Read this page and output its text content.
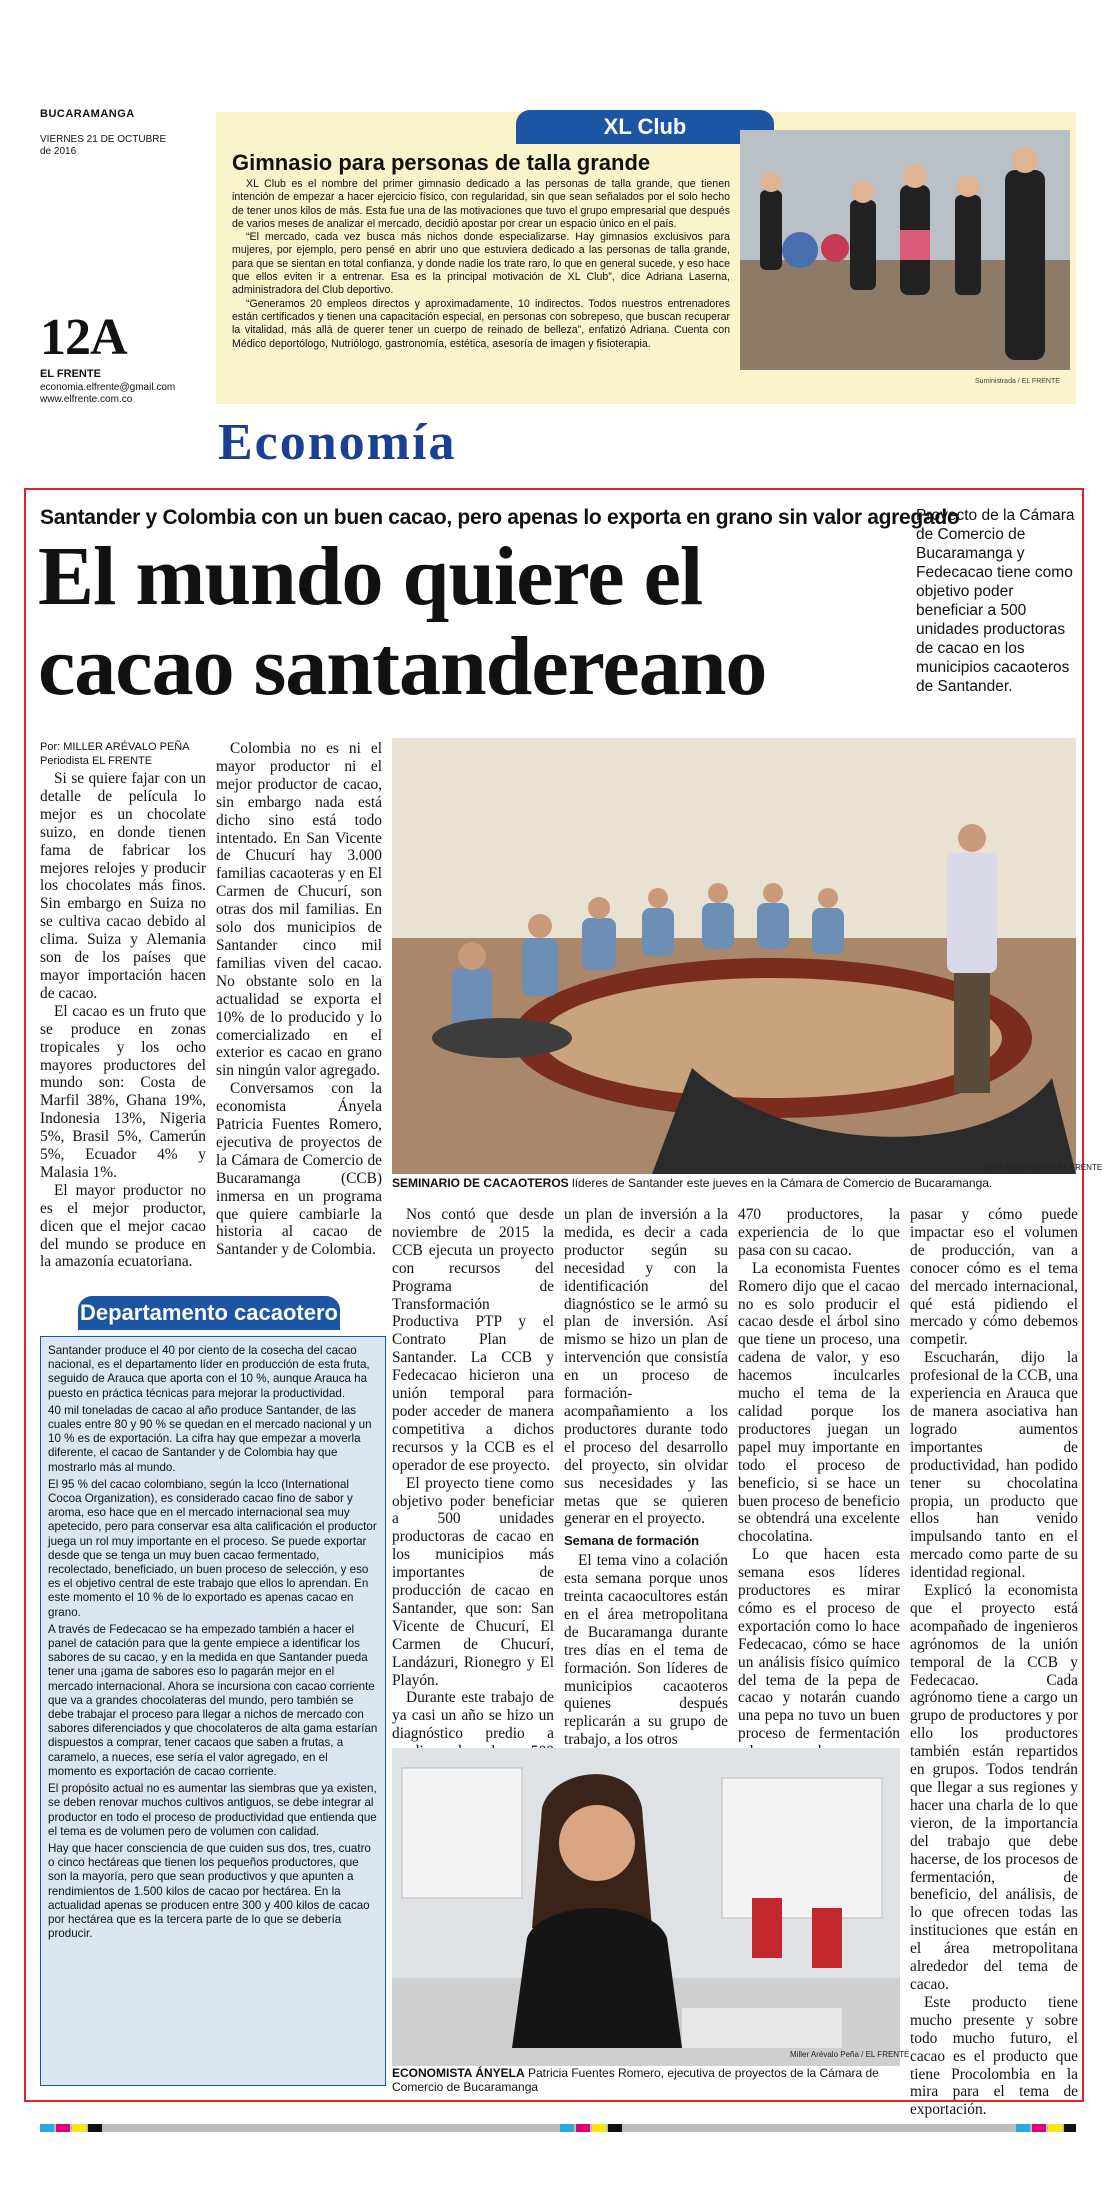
BUCARAMANGA
VIERNES 21 DE OCTUBRE de 2016
12A
EL FRENTE
economia.elfrente@gmail.com
www.elfrente.com.co
XL Club
Gimnasio para personas de talla grande

XL Club es el nombre del primer gimnasio dedicado a las personas de talla grande, que tienen intención de empezar a hacer ejercicio físico, con regularidad, sin que sean señalados por el solo hecho de tener unos kilos de más. Esta fue una de las motivaciones que tuvo el grupo empresarial que después de varios meses de analizar el mercado, decidió apostar por crear un espacio único en el país.

“El mercado, cada vez busca más nichos donde especializarse. Hay gimnasios exclusivos para mujeres, por ejemplo, pero pensé en abrir uno que estuviera dedicado a las personas de talla grande, para que se sientan en total confianza, y donde nadie los trate raro, lo que en general sucede, y eso hace que ellos eviten ir a entrenar. Esa es la principal motivación de XL Club”, dice Adriana Laserna, administradora del Club deportivo.

“Generamos 20 empleos directos y aproximadamente, 10 indirectos. Todos nuestros entrenadores están certificados y tienen una capacitación especial, en personas con sobrepeso, que buscan recuperar la vitalidad, más allá de querer tener un cuerpo de reinado de belleza”, enfatizó Adriana. Cuenta con Médico deportólogo, Nutriólogo, gastronomía, estética, asesoría de imagen y fisioterapia.

Suministrada / EL FRENTE
Economía
Santander y Colombia con un buen cacao, pero apenas lo exporta en grano sin valor agregado
El mundo quiere el cacao santandereano
Proyecto de la Cámara de Comercio de Bucaramanga y Fedecacao tiene como objetivo poder beneficiar a 500 unidades productoras de cacao en los municipios cacaoteros de Santander.
Por: MILLER ARÉVALO PEÑA
Periodista EL FRENTE

Si se quiere fajar con un detalle de película lo mejor es un chocolate suizo, en donde tienen fama de fabricar los mejores relojes y producir los chocolates más finos. Sin embargo en Suiza no se cultiva cacao debido al clima. Suiza y Alemania son de los países que mayor importación hacen de cacao.

El cacao es un fruto que se produce en zonas tropicales y los ocho mayores productores del mundo son: Costa de Marfil 38%, Ghana 19%, Indonesia 13%, Nigeria 5%, Brasil 5%, Camerún 5%, Ecuador 4% y Malasia 1%.

El mayor productor no es el mejor productor, dicen que el mejor cacao del mundo se produce en la amazonía ecuatoriana.

Colombia no es ni el mayor productor ni el mejor productor de cacao, sin embargo nada está dicho sino está todo intentado. En San Vicente de Chucurí hay 3.000 familias cacaoteras y en El Carmen de Chucurí, son otras dos mil familias. En solo dos municipios de Santander cinco mil familias viven del cacao. No obstante solo en la actualidad se exporta el 10% de lo producido y lo comercializado en el exterior es cacao en grano sin ningún valor agregado.

Conversamos con la economista Ányela Patricia Fuentes Romero, ejecutiva de proyectos de la Cámara de Comercio de Bucaramanga (CCB) inmersa en un programa que quiere cambiarle la historia al cacao de Santander y de Colombia.

Jaime Daniel Sierra / EL FRENTE
SEMINARIO DE CACAOTEROS líderes de Santander este jueves en la Cámara de Comercio de Bucaramanga.

Nos contó que desde noviembre de 2015 la CCB ejecuta un proyecto con recursos del Programa de Transformación Productiva PTP y el Contrato Plan de Santander. La CCB y Fedecacao hicieron una unión temporal para poder acceder de manera competitiva a dichos recursos y la CCB es el operador de ese proyecto.

El proyecto tiene como objetivo poder beneficiar a 500 unidades productoras de cacao en los municipios más importantes de producción de cacao en Santander, que son: San Vicente de Chucurí, El Carmen de Chucurí, Landázuri, Rionegro y El Playón.

Durante este trabajo de ya casi un año se hizo un diagnóstico predio a

un plan de inversión a la medida, es decir a cada productor según su necesidad y con la identificación del diagnóstico se le armó su plan de inversión. Así mismo se hizo un plan de intervención que consistía en un proceso de formación-acompañamiento a los productores durante todo el proceso del desarrollo del proyecto, sin olvidar sus necesidades y las metas que se quieren generar en el proyecto.

Semana de formación

El tema vino a colación esta semana porque unos treinta cacaocultores están en el área metropolitana de Bucaramanga durante tres días en el tema de formación. Son líderes de municipios cacaoteros quienes después replicarán a su grupo de trabajo, a los otros

470 productores, la experiencia de lo que pasa con su cacao.

La economista Fuentes Romero dijo que el cacao no es solo producir el cacao desde el árbol sino que tiene un proceso, una cadena de valor, y eso hacemos inculcarles mucho el tema de la calidad porque los productores juegan un papel muy importante en todo el proceso de beneficio, si se hace un buen proceso de beneficio se obtendrá una excelente chocolatina.

Lo que hacen esta semana esos líderes productores es mirar cómo es el proceso de exportación como lo hace Fedecacao, cómo se hace un análisis físico químico del tema de la pepa de cacao y notarán cuando una pepa no tuvo un buen proceso de fermentación

pasar y cómo puede impactar eso el volumen de producción, van a conocer cómo es el tema del mercado internacional, qué está pidiendo el mercado y cómo debemos competir.

Escucharán, dijo la profesional de la CCB, una experiencia en Arauca que de manera asociativa han logrado aumentos importantes de productividad, han podido tener su chocolatina propia, un producto que ellos han venido impulsando tanto en el mercado como parte de su identidad regional.

Explicó la economista que el proyecto está acompañado de ingenieros agrónomos de la unión temporal de la CCB y Fedecacao. Cada agrónomo tiene a cargo un grupo de productores y por ello los productores también están repartidos en grupos. Todos tendrán que llegar a sus regiones y hacer una charla de lo que vieron, de la importancia del trabajo que debe hacerse, de los procesos de fermentación, de beneficio, del análisis, de lo que ofrecen todas las instituciones que están en el área metropolitana alrededor del tema de cacao.

Este producto tiene mucho presente y sobre todo mucho futuro, el cacao es el producto que tiene Procolombia en la mira para el tema de exportación.

Departamento cacaotero

Santander produce el 40 por ciento de la cosecha del cacao nacional, es el departamento líder en producción de esta fruta, seguido de Arauca que aporta con el 10 %, aunque Arauca ha puesto en práctica técnicas para mejorar la productividad.

40 mil toneladas de cacao al año produce Santander, de las cuales entre 80 y 90 % se quedan en el mercado nacional y un 10 % es de exportación. La cifra hay que empezar a moverla diferente, el cacao de Santander y de Colombia hay que mostrarlo más al mundo.

El 95 % del cacao colombiano, según la Icco (International Cocoa Organization), es considerado cacao fino de sabor y aroma, eso hace que en el mercado internacional sea muy apetecido, pero para conservar esa alta calificación el productor juega un rol muy importante en el proceso. Se puede exportar desde que se tenga un muy buen cacao fermentado, recolectado, beneficiado, un buen proceso de selección, y eso es el objetivo central de este trabajo que ellos lo aprendan. En este momento el 10 % de lo exportado es apenas cacao en grano.

A través de Fedecacao se ha empezado también a hacer el panel de catación para que la gente empiece a identificar los sabores de su cacao, y en la medida en que Santander pueda tener una ¡gama de sabores eso lo pagarán mejor en el mercado internacional. Ahora se incursiona con cacao corriente que va a grandes chocolateras del mundo, pero también se debe trabajar el proceso para llegar a nichos de mercado con sabores diferenciados y que chocolateros de alta gama estarían dispuestos a comprar, tener cacaos que saben a frutas, a caramelo, a nueces, ese sería el valor agregado, en el momento es exportación de cacao corriente.

El propósito actual no es aumentar las siembras que ya existen, se deben renovar muchos cultivos antiguos, se debe integrar al productor en todo el proceso de productividad que entienda que el tema es de volumen pero de volumen con calidad.

Hay que hacer consciencia de que cuiden sus dos, tres, cuatro o cinco hectáreas que tienen los pequeños productores, que son la mayoría, pero que sean productivos y que apunten a rendimientos de 1.500 kilos de cacao por hectárea. En la actualidad apenas se producen entre 300 y 400 kilos de cacao por hectárea que es la tercera parte de lo que se debería producir.

Miller Arévalo Peña / EL FRENTE
ECONOMISTA ÁNYELA Patricia Fuentes Romero, ejecutiva de proyectos de la Cámara de Comercio de Bucaramanga
